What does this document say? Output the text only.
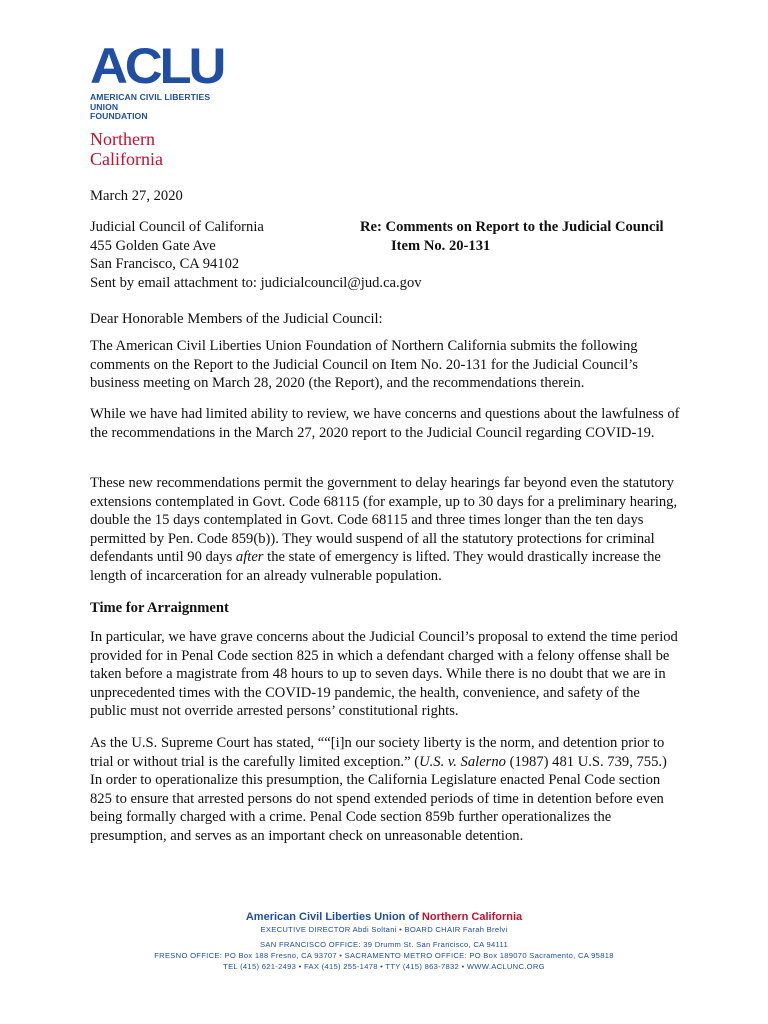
ACLU
AMERICAN CIVIL LIBERTIES UNION
FOUNDATION
Northern
California
March 27, 2020
Judicial Council of California
455 Golden Gate Ave
San Francisco, CA 94102
Sent by email attachment to: judicialcouncil@jud.ca.gov
Re: Comments on Report to the Judicial Council
Item No. 20-131
Dear Honorable Members of the Judicial Council:

The American Civil Liberties Union Foundation of Northern California submits the following comments on the Report to the Judicial Council on Item No. 20-131 for the Judicial Council’s business meeting on March 28, 2020 (the Report), and the recommendations therein.

While we have had limited ability to review, we have concerns and questions about the lawfulness of the recommendations in the March 27, 2020 report to the Judicial Council regarding COVID-19.

These new recommendations permit the government to delay hearings far beyond even the statutory extensions contemplated in Govt. Code 68115 (for example, up to 30 days for a preliminary hearing, double the 15 days contemplated in Govt. Code 68115 and three times longer than the ten days permitted by Pen. Code 859(b)). They would suspend of all the statutory protections for criminal defendants until 90 days after the state of emergency is lifted. They would drastically increase the length of incarceration for an already vulnerable population.

Time for Arraignment

In particular, we have grave concerns about the Judicial Council’s proposal to extend the time period provided for in Penal Code section 825 in which a defendant charged with a felony offense shall be taken before a magistrate from 48 hours to up to seven days. While there is no doubt that we are in unprecedented times with the COVID-19 pandemic, the health, convenience, and safety of the public must not override arrested persons’ constitutional rights.

As the U.S. Supreme Court has stated, ““[i]n our society liberty is the norm, and detention prior to trial or without trial is the carefully limited exception.” (U.S. v. Salerno (1987) 481 U.S. 739, 755.) In order to operationalize this presumption, the California Legislature enacted Penal Code section 825 to ensure that arrested persons do not spend extended periods of time in detention before even being formally charged with a crime. Penal Code section 859b further operationalizes the presumption, and serves as an important check on unreasonable detention.

American Civil Liberties Union of Northern California
EXECUTIVE DIRECTOR Abdi Soltani • BOARD CHAIR Farah Brelvi
SAN FRANCISCO OFFICE: 39 Drumm St. San Francisco, CA 94111
FRESNO OFFICE: PO Box 188 Fresno, CA 93707 • SACRAMENTO METRO OFFICE: PO Box 189070 Sacramento, CA 95818
TEL (415) 621-2493 • FAX (415) 255-1478 • TTY (415) 863-7832 • WWW.ACLUNC.ORG
